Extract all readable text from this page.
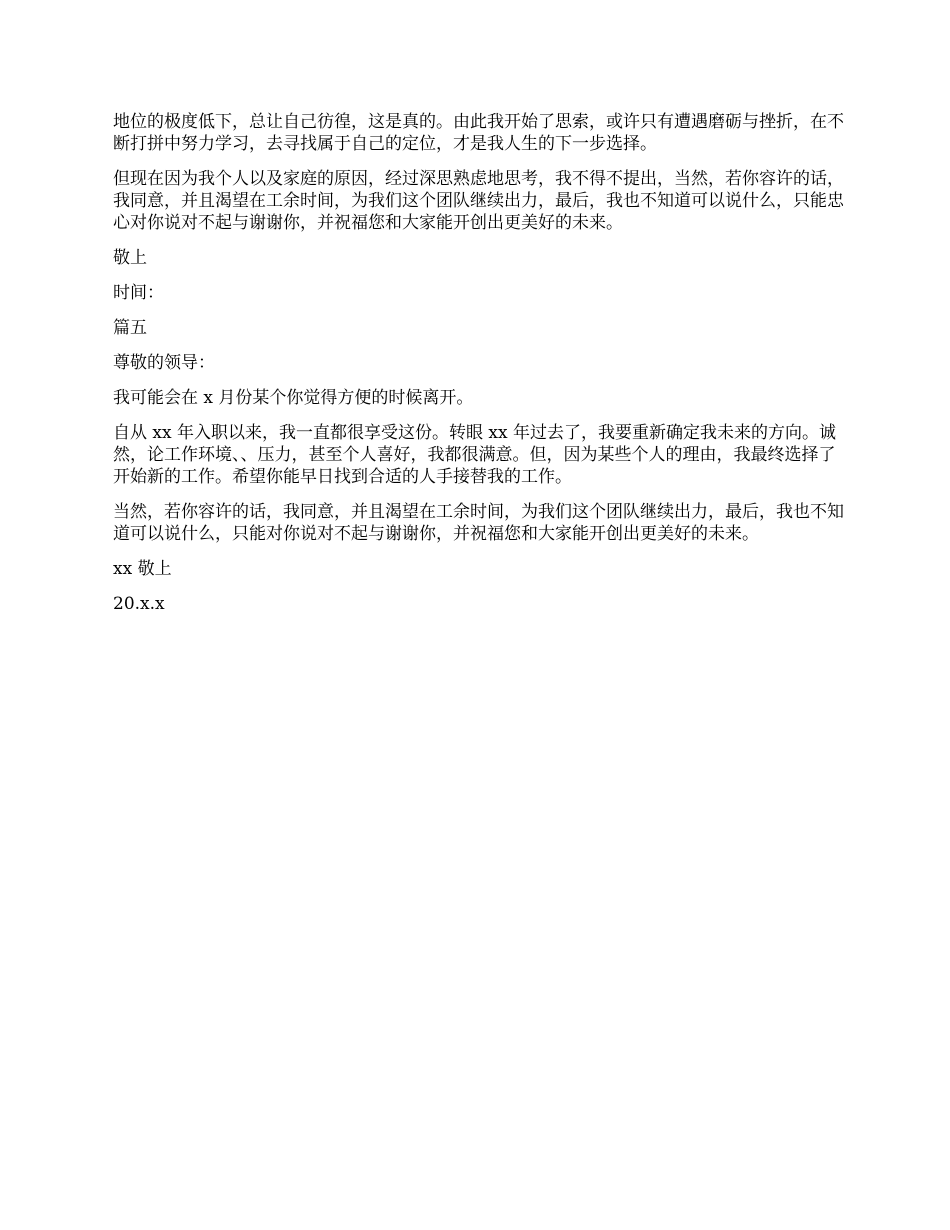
地位的极度低下，总让自己彷徨，这是真的。由此我开始了思索，或许只有遭遇磨砺与挫折，在不断打拼中努力学习，去寻找属于自己的定位，才是我人生的下一步选择。

但现在因为我个人以及家庭的原因，经过深思熟虑地思考，我不得不提出，当然，若你容许的话，我同意，并且渴望在工余时间，为我们这个团队继续出力，最后，我也不知道可以说什么，只能忠心对你说对不起与谢谢你，并祝福您和大家能开创出更美好的未来。

敬上

时间：

篇五

尊敬的领导：

我可能会在 x 月份某个你觉得方便的时候离开。

自从 xx 年入职以来，我一直都很享受这份。转眼 xx 年过去了，我要重新确定我未来的方向。诚然，论工作环境、、压力，甚至个人喜好，我都很满意。但，因为某些个人的理由，我最终选择了开始新的工作。希望你能早日找到合适的人手接替我的工作。

当然，若你容许的话，我同意，并且渴望在工余时间，为我们这个团队继续出力，最后，我也不知道可以说什么，只能对你说对不起与谢谢你，并祝福您和大家能开创出更美好的未来。

xx 敬上

20.x.x
